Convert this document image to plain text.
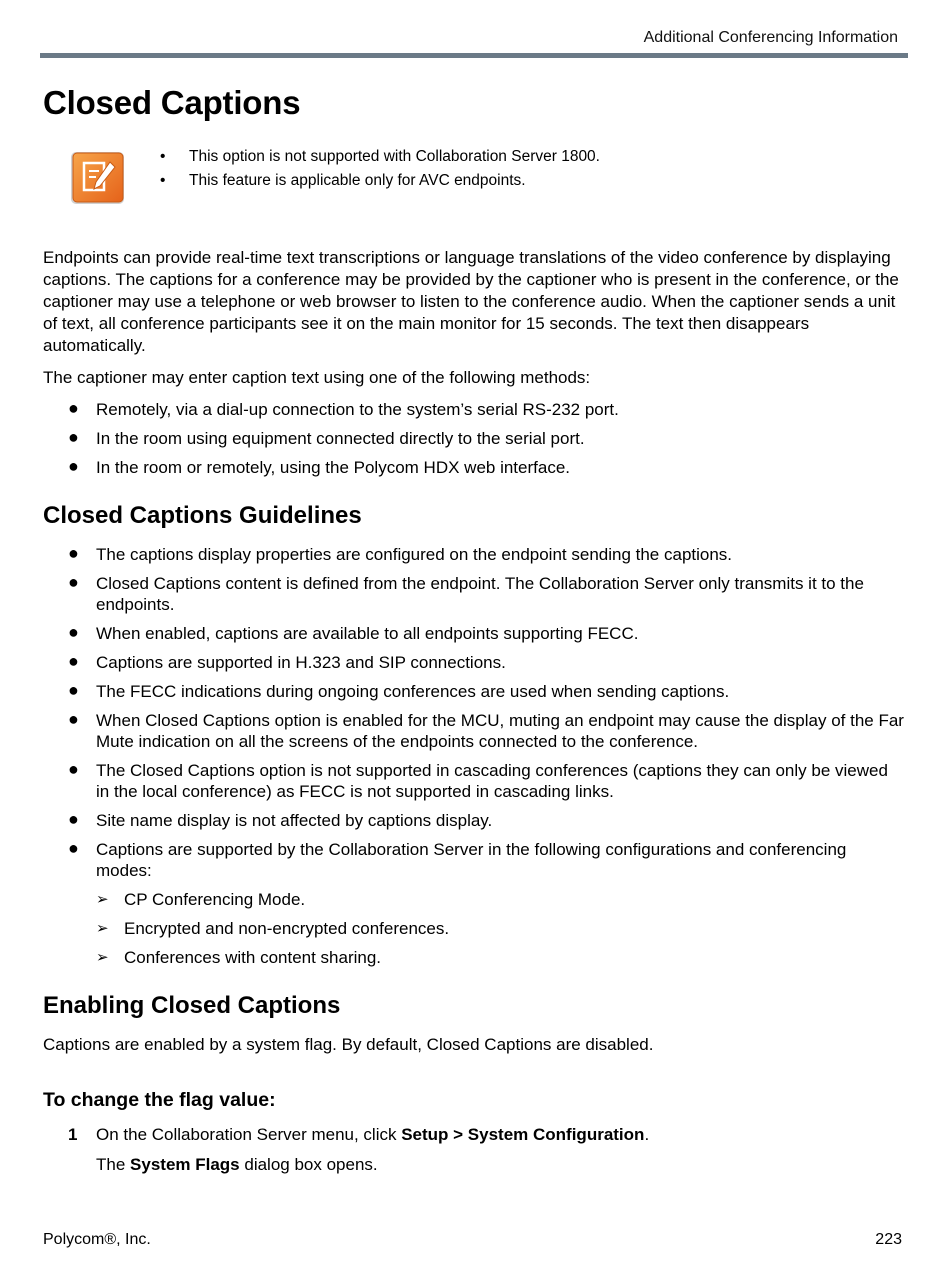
Additional Conferencing Information
Closed Captions
• This option is not supported with Collaboration Server 1800.
• This feature is applicable only for AVC endpoints.

Endpoints can provide real-time text transcriptions or language translations of the video conference by displaying captions. The captions for a conference may be provided by the captioner who is present in the conference, or the captioner may use a telephone or web browser to listen to the conference audio. When the captioner sends a unit of text, all conference participants see it on the main monitor for 15 seconds. The text then disappears automatically.

The captioner may enter caption text using one of the following methods:

● Remotely, via a dial-up connection to the system’s serial RS-232 port.
● In the room using equipment connected directly to the serial port.
● In the room or remotely, using the Polycom HDX web interface.
Closed Captions Guidelines
● The captions display properties are configured on the endpoint sending the captions.
● Closed Captions content is defined from the endpoint. The Collaboration Server only transmits it to the endpoints.
● When enabled, captions are available to all endpoints supporting FECC.
● Captions are supported in H.323 and SIP connections.
● The FECC indications during ongoing conferences are used when sending captions.
● When Closed Captions option is enabled for the MCU, muting an endpoint may cause the display of the Far Mute indication on all the screens of the endpoints connected to the conference.
● The Closed Captions option is not supported in cascading conferences (captions they can only be viewed in the local conference) as FECC is not supported in cascading links.
● Site name display is not affected by captions display.
● Captions are supported by the Collaboration Server in the following configurations and conferencing modes:
➢ CP Conferencing Mode.
➢ Encrypted and non-encrypted conferences.
➢ Conferences with content sharing.
Enabling Closed Captions

Captions are enabled by a system flag. By default, Closed Captions are disabled.

To change the flag value:
1 On the Collaboration Server menu, click Setup > System Configuration.
The System Flags dialog box opens.
Polycom®, Inc.	223
